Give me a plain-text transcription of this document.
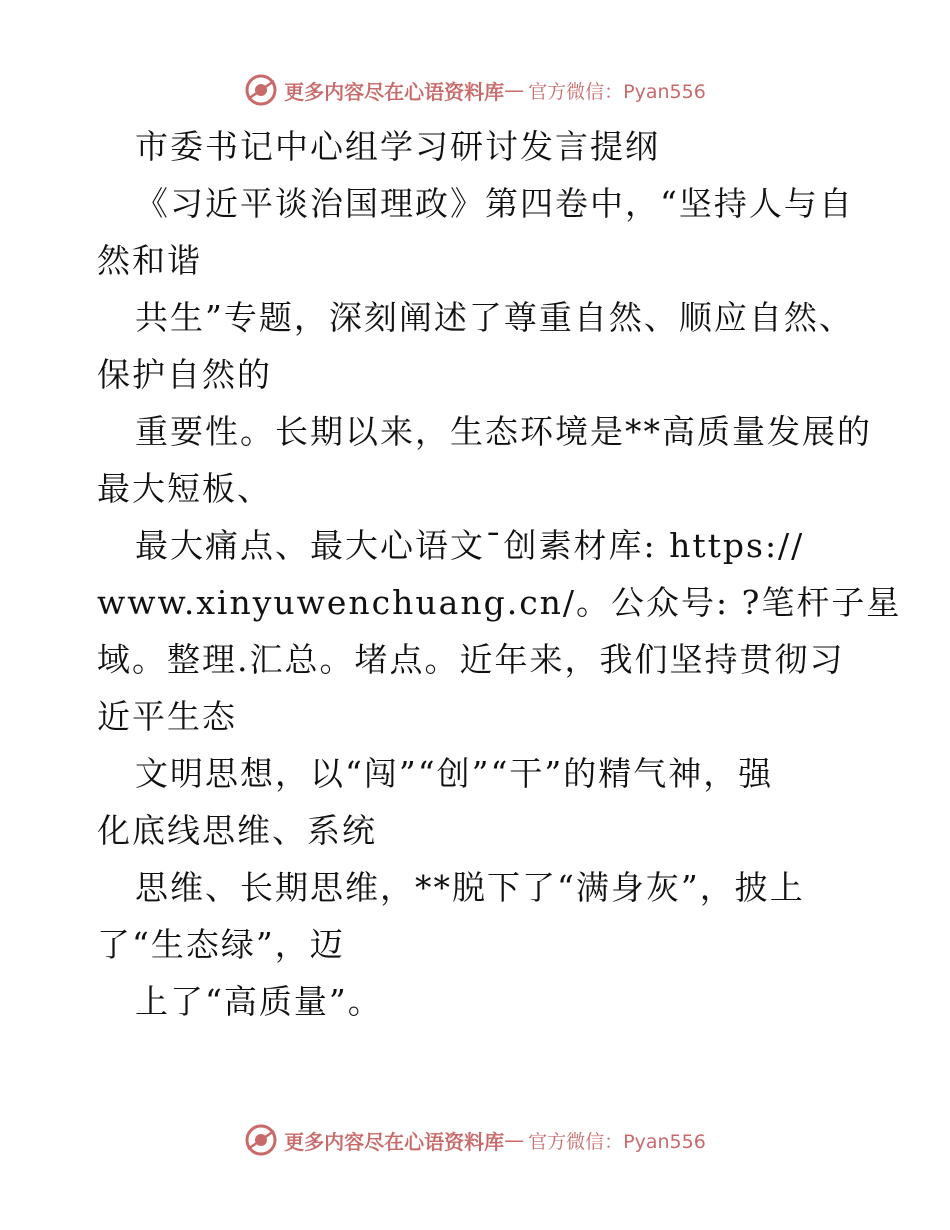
更多内容尽在心语资料库 — 官方微信：Pyan556
市委书记中心组学习研讨发言提纲
《习近平谈治国理政》第四卷中，“坚持人与自
然和谐
共生”专题，深刻阐述了尊重自然、顺应自然、
保护自然的
重要性。长期以来，生态环境是**高质量发展的
最大短板、
最大痛点、最大心语文¯创素材库: https://
www.xinyuwenchuang.cn/。公众号: ?笔杆子星
域。整理.汇总。堵点。近年来，我们坚持贯彻习
近平生态
文明思想，以“闯”“创”“干”的精气神，强
化底线思维、系统
思维、长期思维，**脱下了“满身灰”，披上
了“生态绿”，迈
上了“高质量”。
更多内容尽在心语资料库 — 官方微信：Pyan556
